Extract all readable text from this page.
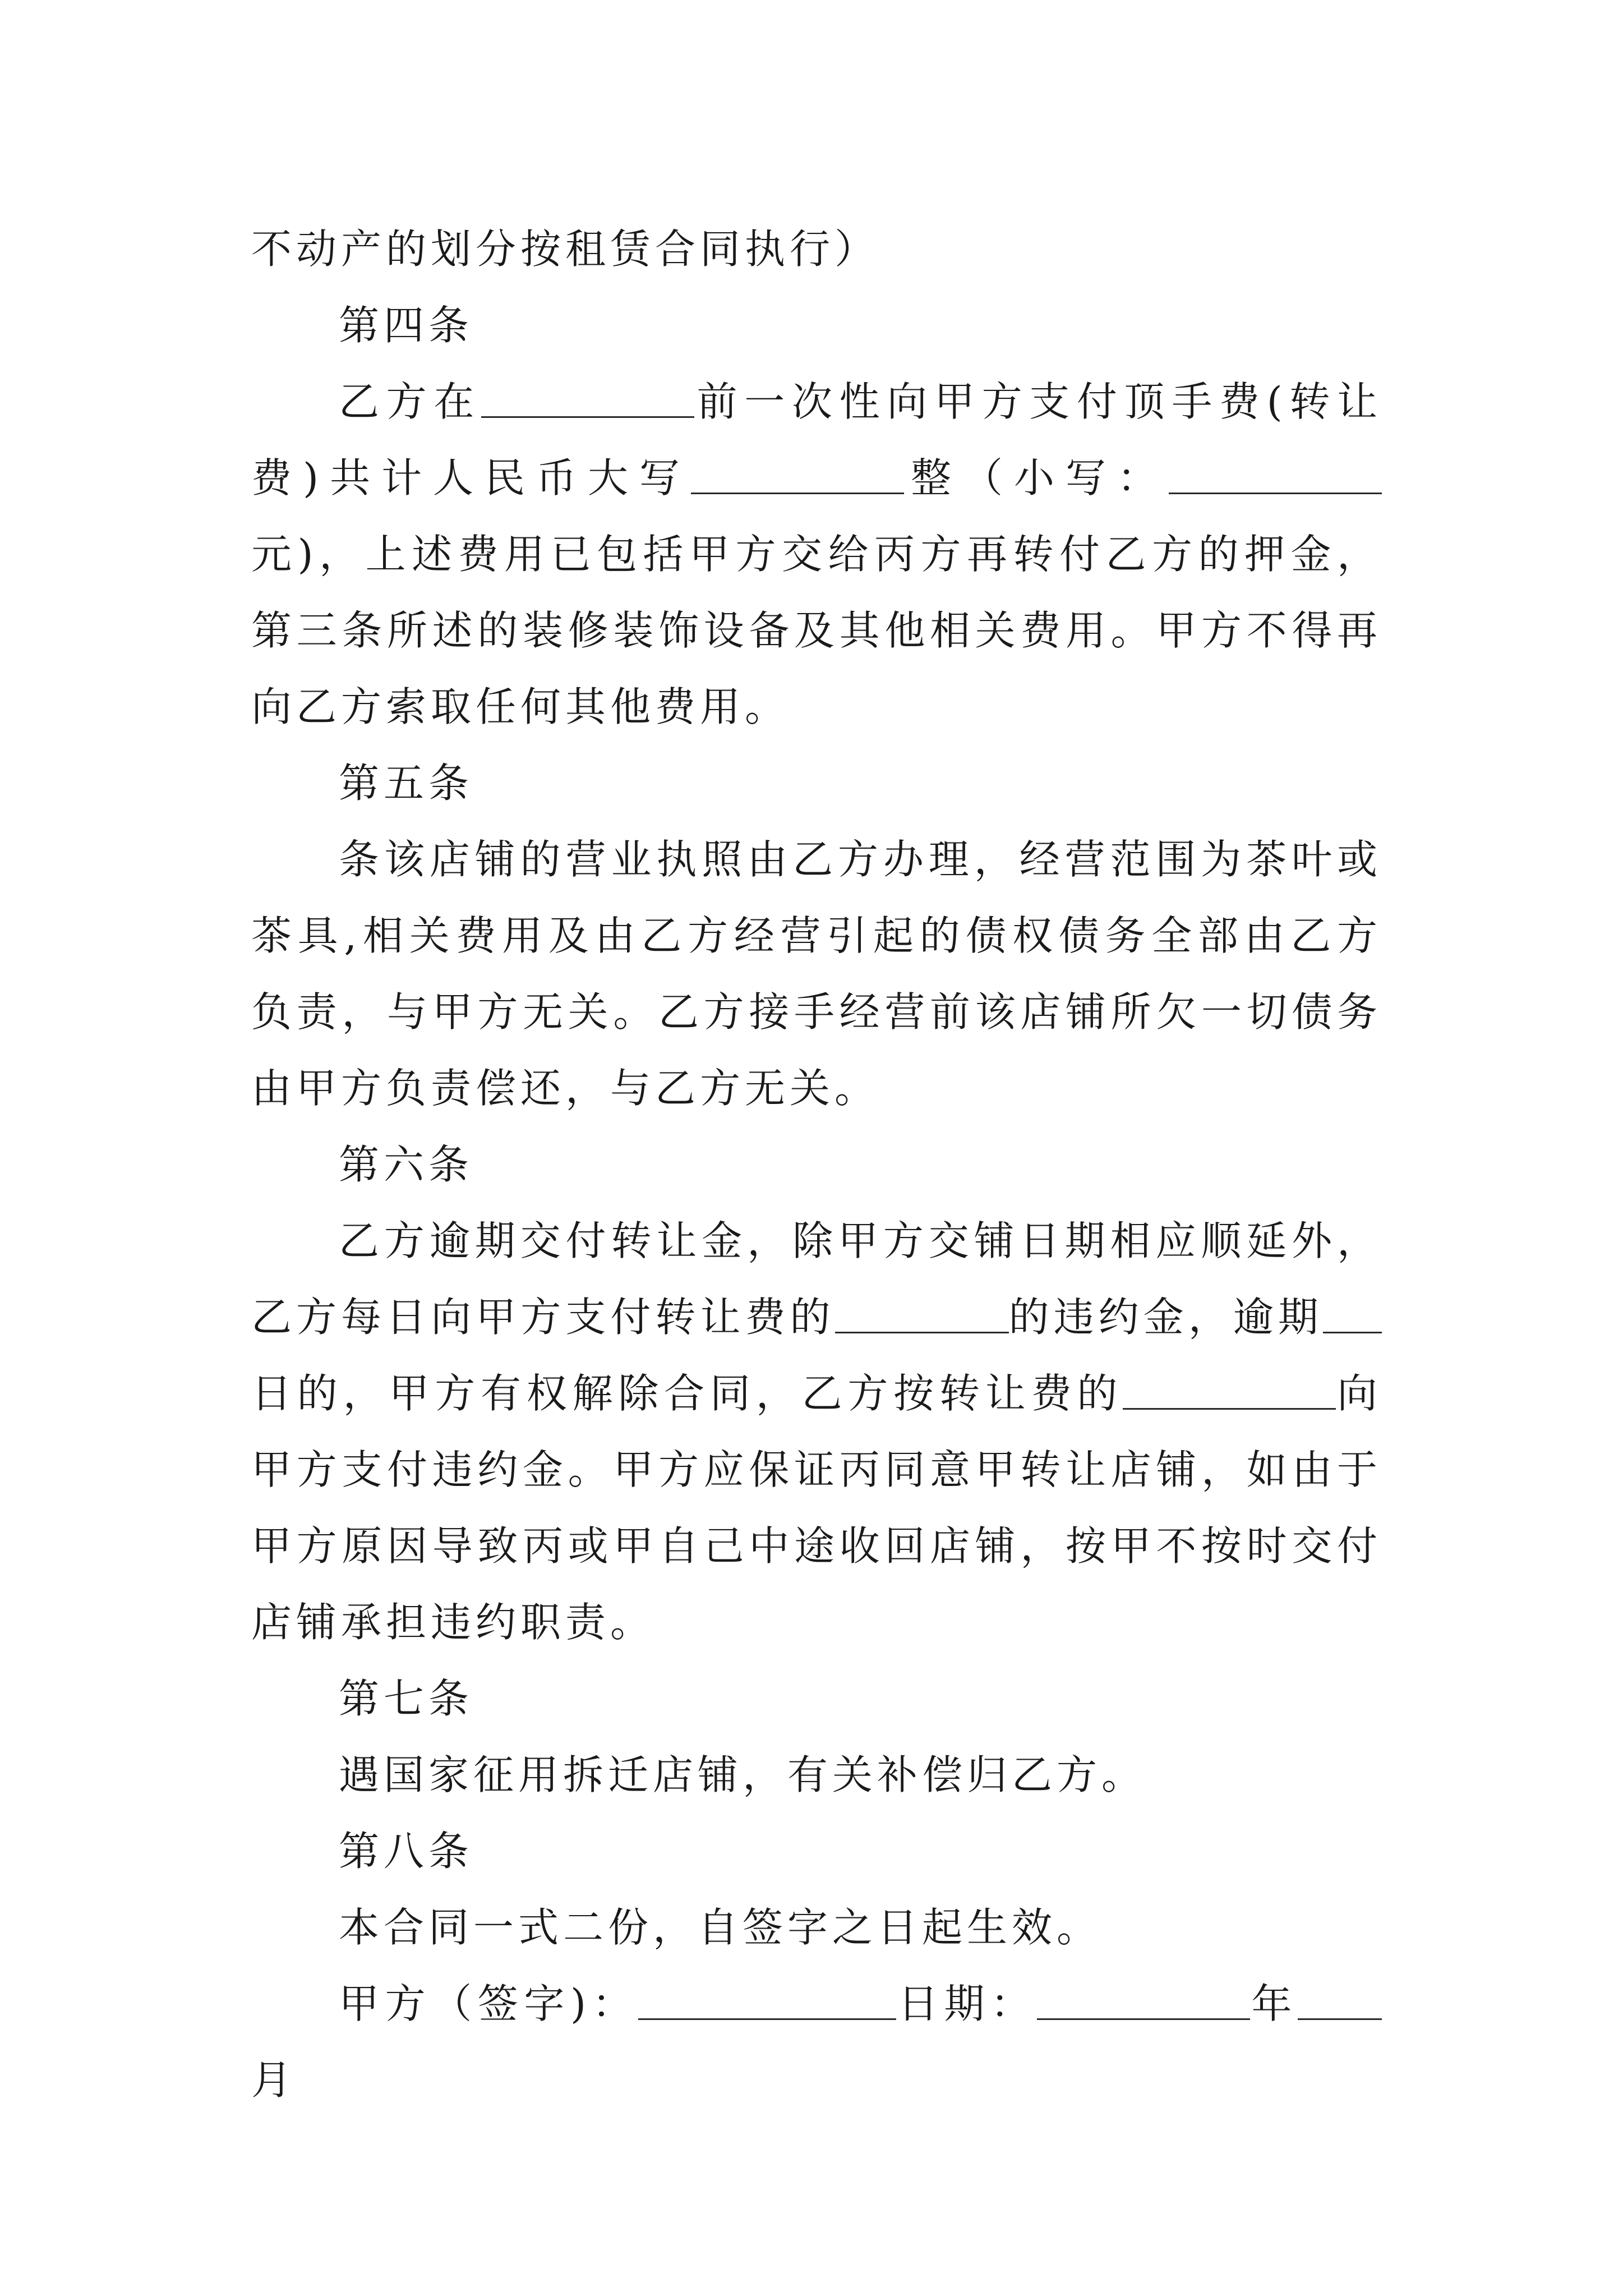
不动产的划分按租赁合同执行）

第四条

乙方在	前一次性向甲方支付顶手费(转让费)共计人民币大写	整（小写：元)，上述费用已包括甲方交给丙方再转付乙方的押金，第三条所述的装修装饰设备及其他相关费用。甲方不得再向乙方索取任何其他费用。

第五条

条该店铺的营业执照由乙方办理，经营范围为茶叶或茶具,相关费用及由乙方经营引起的债权债务全部由乙方负责，与甲方无关。乙方接手经营前该店铺所欠一切债务由甲方负责偿还，与乙方无关。

第六条

乙方逾期交付转让金，除甲方交铺日期相应顺延外，乙方每日向甲方支付转让费的	的违约金，逾期日的，甲方有权解除合同，乙方按转让费的	向甲方支付违约金。甲方应保证丙同意甲转让店铺，如由于甲方原因导致丙或甲自己中途收回店铺，按甲不按时交付店铺承担违约职责。

第七条

遇国家征用拆迁店铺，有关补偿归乙方。

第八条

本合同一式二份，自签字之日起生效。

甲方（签字)：	日期：	年月
